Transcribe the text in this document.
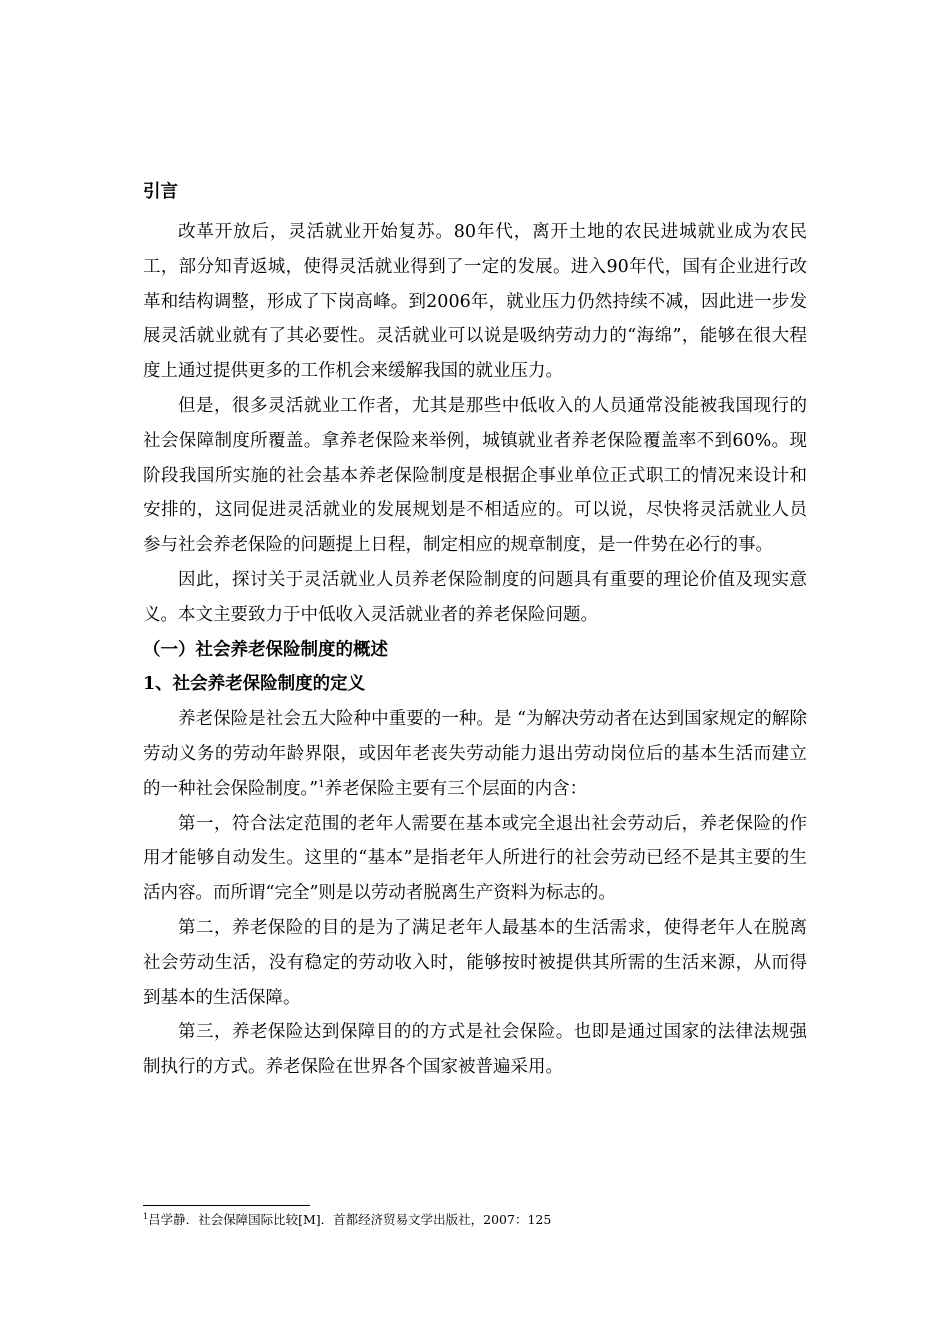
引言

改革开放后，灵活就业开始复苏。80年代，离开土地的农民进城就业成为农民工，部分知青返城，使得灵活就业得到了一定的发展。进入90年代，国有企业进行改革和结构调整，形成了下岗高峰。到2006年，就业压力仍然持续不减，因此进一步发展灵活就业就有了其必要性。灵活就业可以说是吸纳劳动力的“海绵”，能够在很大程度上通过提供更多的工作机会来缓解我国的就业压力。

但是，很多灵活就业工作者，尤其是那些中低收入的人员通常没能被我国现行的社会保障制度所覆盖。拿养老保险来举例，城镇就业者养老保险覆盖率不到60%。现阶段我国所实施的社会基本养老保险制度是根据企事业单位正式职工的情况来设计和安排的，这同促进灵活就业的发展规划是不相适应的。可以说，尽快将灵活就业人员参与社会养老保险的问题提上日程，制定相应的规章制度，是一件势在必行的事。

因此，探讨关于灵活就业人员养老保险制度的问题具有重要的理论价值及现实意义。本文主要致力于中低收入灵活就业者的养老保险问题。

（一）社会养老保险制度的概述
1、社会养老保险制度的定义

养老保险是社会五大险种中重要的一种。是 “为解决劳动者在达到国家规定的解除劳动义务的劳动年龄界限，或因年老丧失劳动能力退出劳动岗位后的基本生活而建立的一种社会保险制度。”$^1$养老保险主要有三个层面的内含：

第一，符合法定范围的老年人需要在基本或完全退出社会劳动后，养老保险的作用才能够自动发生。这里的“基本”是指老年人所进行的社会劳动已经不是其主要的生活内容。而所谓“完全”则是以劳动者脱离生产资料为标志的。

第二，养老保险的目的是为了满足老年人最基本的生活需求，使得老年人在脱离社会劳动生活，没有稳定的劳动收入时，能够按时被提供其所需的生活来源，从而得到基本的生活保障。

第三，养老保险达到保障目的的方式是社会保险。也即是通过国家的法律法规强制执行的方式。养老保险在世界各个国家被普遍采用。

$^1$吕学静．社会保障国际比较[M]．首都经济贸易文学出版社，2007：125
